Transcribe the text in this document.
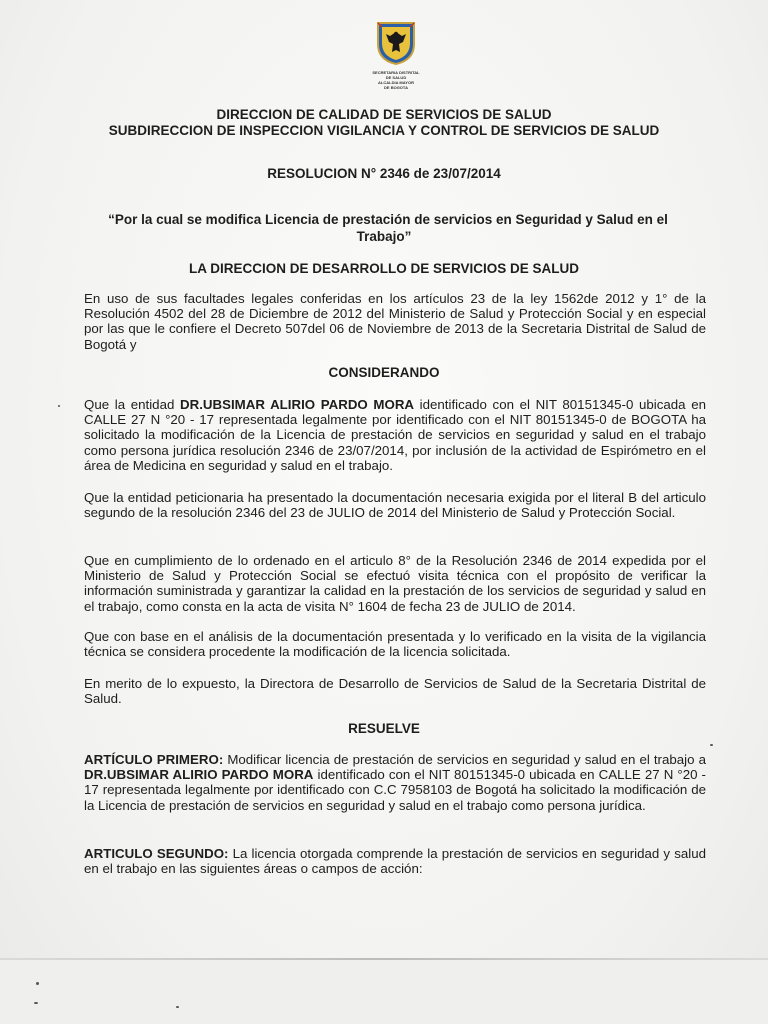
SECRETARIA DISTRITAL
DE SALUD
ALCALDIA MAYOR
DE BOGOTA
DIRECCION DE CALIDAD DE SERVICIOS DE SALUD
SUBDIRECCION DE INSPECCION VIGILANCIA Y CONTROL DE SERVICIOS DE SALUD
RESOLUCION N° 2346 de 23/07/2014
“Por la cual se modifica Licencia de prestación de servicios en Seguridad y Salud en el
Trabajo”
LA DIRECCION DE DESARROLLO DE SERVICIOS DE SALUD

En uso de sus facultades legales conferidas en los artículos 23 de la ley 1562de 2012 y 1° de la Resolución 4502 del 28 de Diciembre de 2012 del Ministerio de Salud y Protección Social y en especial por las que le confiere el Decreto 507del 06 de Noviembre de 2013 de la Secretaria Distrital de Salud de Bogotá y

CONSIDERANDO

Que la entidad DR.UBSIMAR ALIRIO PARDO MORA identificado con el NIT 80151345-0 ubicada en CALLE 27 N °20 - 17 representada legalmente por identificado con el NIT 80151345-0 de BOGOTA ha solicitado la modificación de la Licencia de prestación de servicios en seguridad y salud en el trabajo como persona jurídica resolución 2346 de 23/07/2014, por inclusión de la actividad de Espirómetro en el área de Medicina en seguridad y salud en el trabajo.

Que la entidad peticionaria ha presentado la documentación necesaria exigida por el literal B del articulo segundo de la resolución 2346 del 23 de JULIO de 2014 del Ministerio de Salud y Protección Social.

Que en cumplimiento de lo ordenado en el articulo 8° de la Resolución 2346 de 2014 expedida por el Ministerio de Salud y Protección Social se efectuó visita técnica con el propósito de verificar la información suministrada y garantizar la calidad en la prestación de los servicios de seguridad y salud en el trabajo, como consta en la acta de visita N° 1604 de fecha 23 de JULIO de 2014.

Que con base en el análisis de la documentación presentada y lo verificado en la visita de la vigilancia técnica se considera procedente la modificación de la licencia solicitada.

En merito de lo expuesto, la Directora de Desarrollo de Servicios de Salud de la Secretaria Distrital de Salud.

RESUELVE

ARTÍCULO PRIMERO: Modificar licencia de prestación de servicios en seguridad y salud en el trabajo a DR.UBSIMAR ALIRIO PARDO MORA identificado con el NIT 80151345-0 ubicada en CALLE 27 N °20 - 17 representada legalmente por identificado con C.C 7958103 de Bogotá ha solicitado la modificación de la Licencia de prestación de servicios en seguridad y salud en el trabajo como persona jurídica.

ARTICULO SEGUNDO: La licencia otorgada comprende la prestación de servicios en seguridad y salud en el trabajo en las siguientes áreas o campos de acción:
